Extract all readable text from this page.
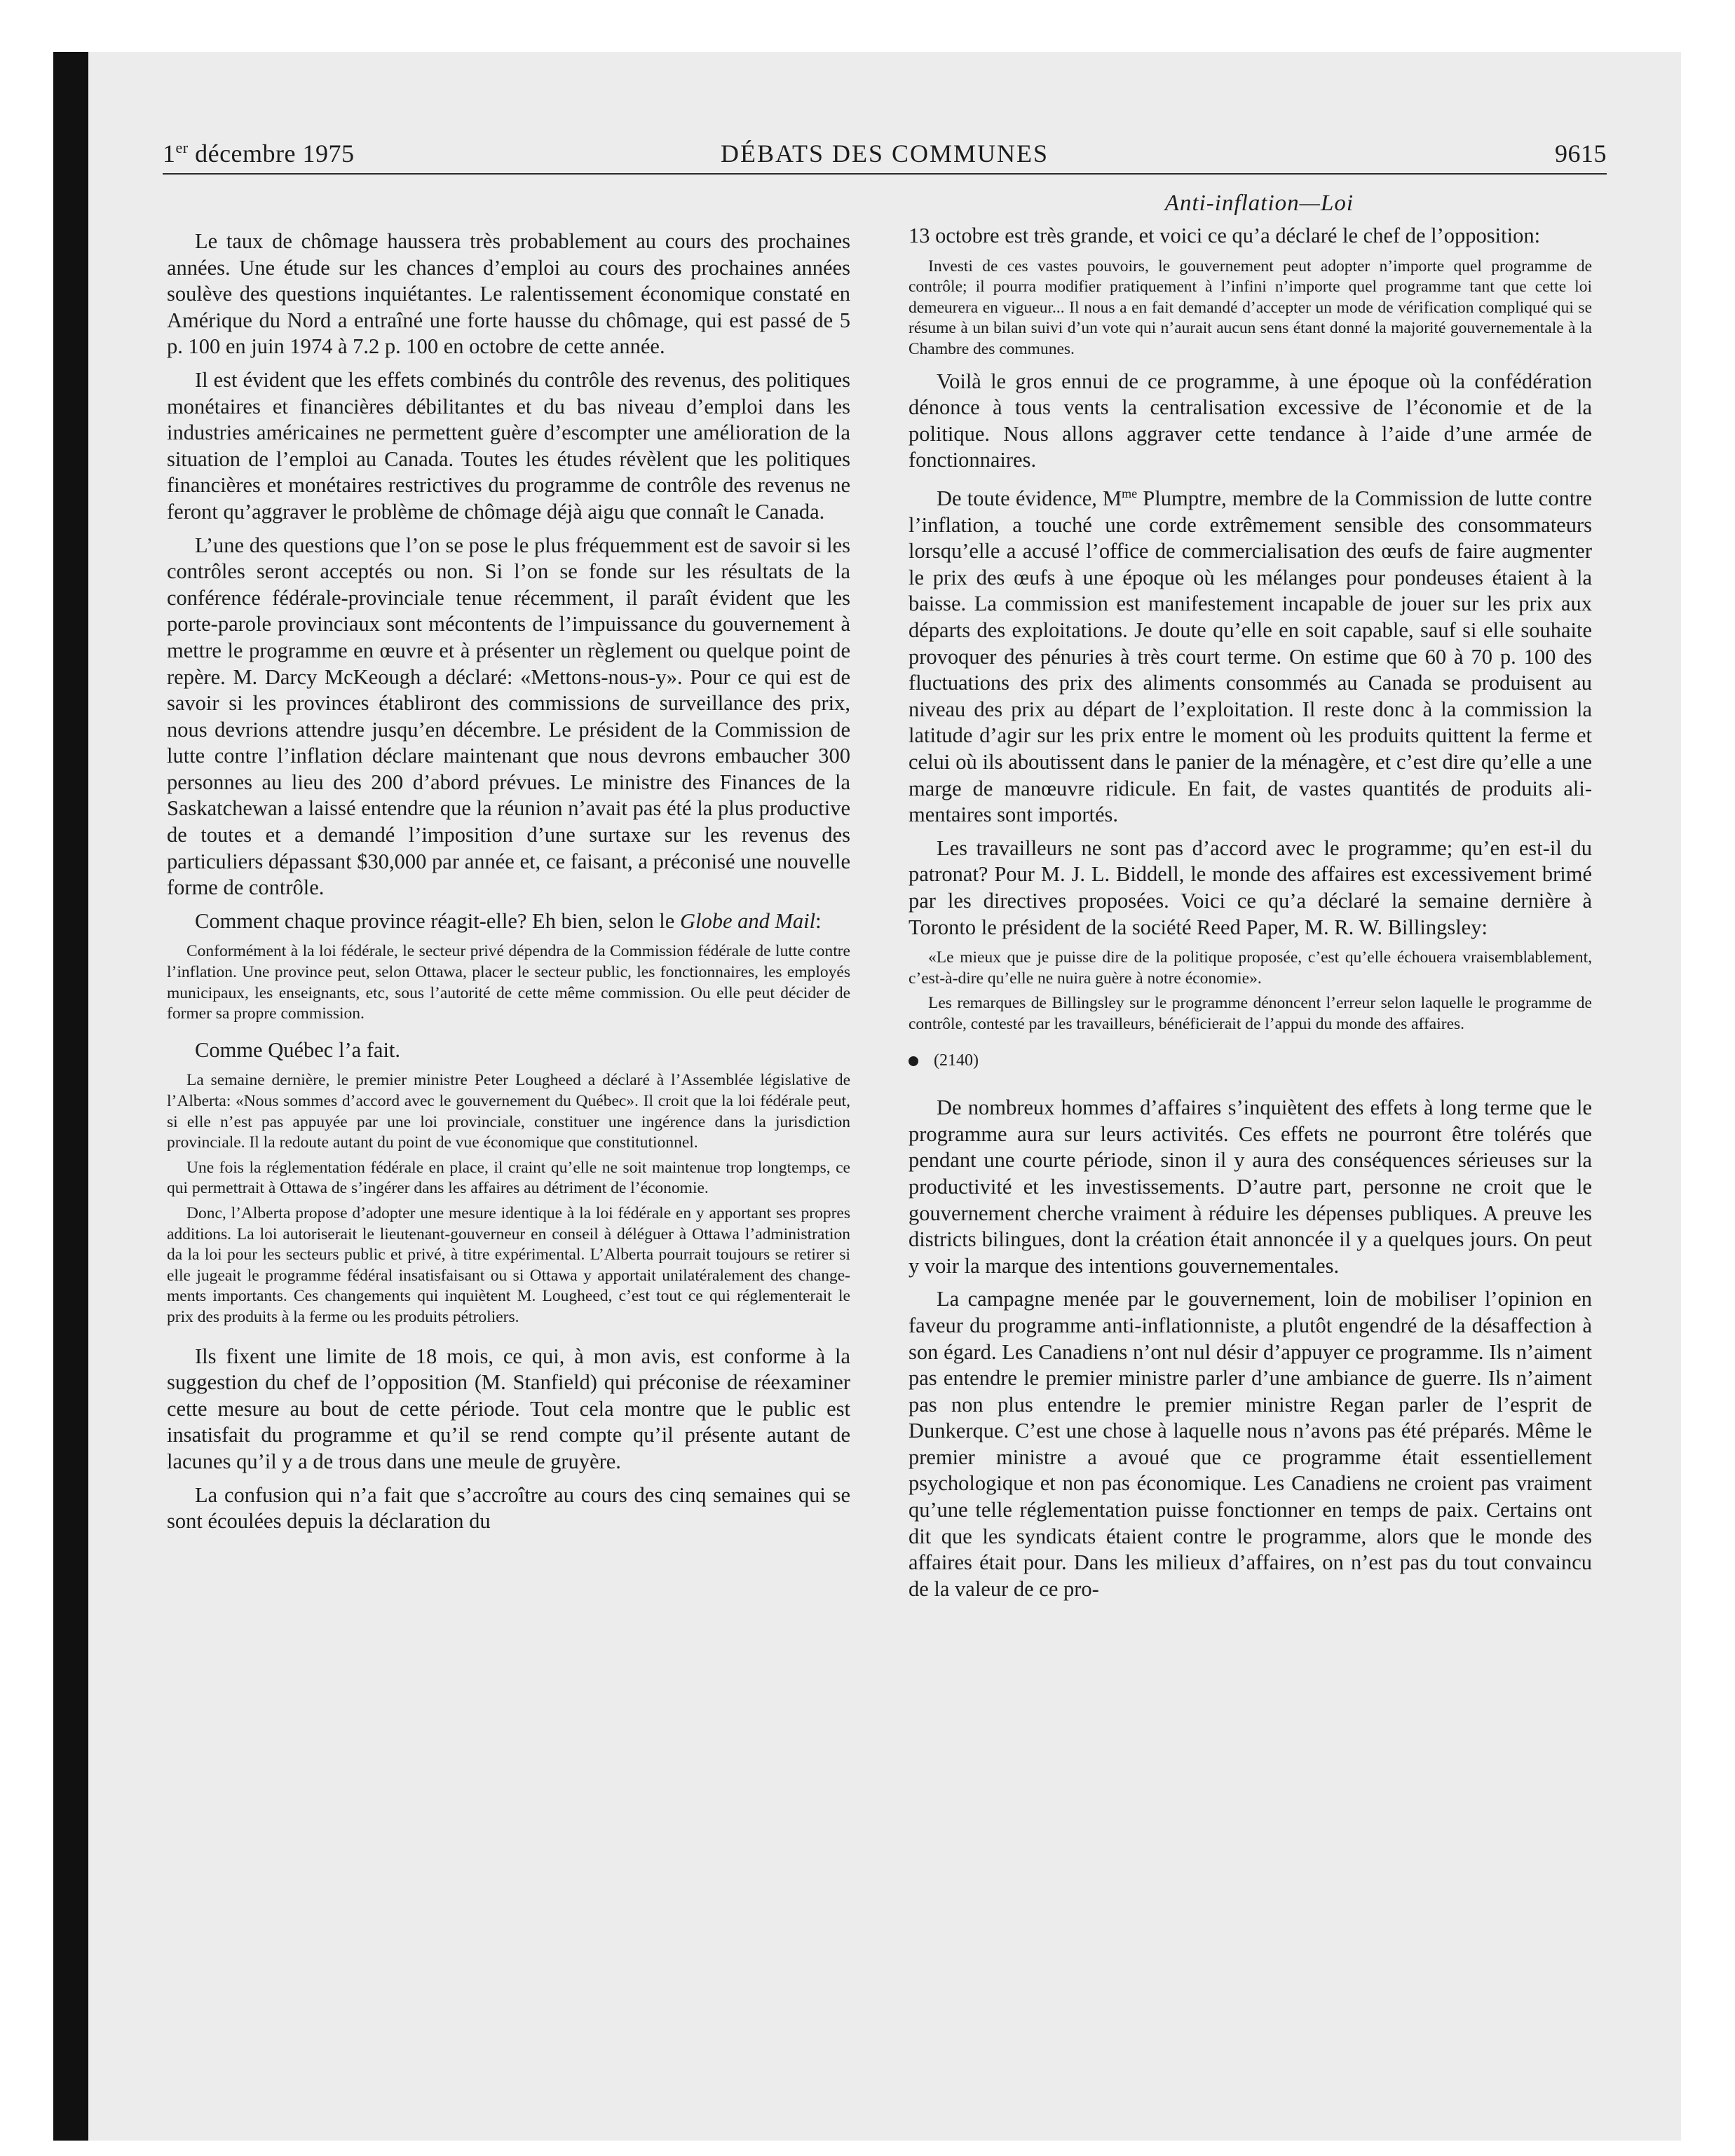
1er décembre 1975	DÉBATS DES COMMUNES	9615

Le taux de chômage haussera très probablement au cours des prochaines années. Une étude sur les chances d’emploi au cours des prochaines années soulève des questions inquiétantes. Le ralentissement économique constaté en Amérique du Nord a entraîné une forte hausse du chômage, qui est passé de 5 p. 100 en juin 1974 à 7.2 p. 100 en octobre de cette année.

Il est évident que les effets combinés du contrôle des revenus, des politiques monétaires et financières débilitantes et du bas niveau d’emploi dans les industries américaines ne permettent guère d’escompter une amélioration de la situation de l’emploi au Canada. Toutes les études révèlent que les politiques financières et monétaires restrictives du programme de contrôle des revenus ne feront qu’aggraver le problème de chômage déjà aigu que connaît le Canada.

L’une des questions que l’on se pose le plus fréquemment est de savoir si les contrôles seront acceptés ou non. Si l’on se fonde sur les résultats de la conférence fédérale-provinciale tenue récemment, il paraît évident que les porte-parole provinciaux sont mécontents de l’impuissance du gouvernement à mettre le programme en œuvre et à présenter un règlement ou quelque point de repère. M. Darcy McKeough a déclaré: «Mettons-nous-y». Pour ce qui est de savoir si les provinces établiront des commissions de surveillance des prix, nous devrions attendre jusqu’en décembre. Le président de la Commission de lutte contre l’inflation déclare maintenant que nous devrons embaucher 300 personnes au lieu des 200 d’abord prévues. Le ministre des Finances de la Saskatchewan a laissé entendre que la réunion n’avait pas été la plus productive de toutes et a demandé l’imposition d’une surtaxe sur les revenus des particuliers dépassant $30,000 par année et, ce faisant, a préconisé une nouvelle forme de contrôle.

Comment chaque province réagit-elle? Eh bien, selon le Globe and Mail:

Conformément à la loi fédérale, le secteur privé dépendra de la Commission fédérale de lutte contre l’inflation. Une province peut, selon Ottawa, placer le secteur public, les fonctionnaires, les employés municipaux, les enseignants, etc, sous l’autorité de cette même commission. Ou elle peut décider de former sa propre commission.

Comme Québec l’a fait.

La semaine dernière, le premier ministre Peter Lougheed a déclaré à l’Assemblée législative de l’Alberta: «Nous sommes d’accord avec le gouvernement du Québec». Il croit que la loi fédérale peut, si elle n’est pas appuyée par une loi provinciale, constituer une ingérence dans la jurisdiction provinciale. Il la redoute autant du point de vue économique que constitutionnel.

Une fois la réglementation fédérale en place, il craint qu’elle ne soit maintenue trop longtemps, ce qui permettrait à Ottawa de s’ingérer dans les affaires au détriment de l’économie.

Donc, l’Alberta propose d’adopter une mesure identique à la loi fédérale en y apportant ses propres additions. La loi autoriserait le lieutenant-gouverneur en conseil à déléguer à Ottawa l’administration da la loi pour les secteurs public et privé, à titre expérimental. L’Alberta pourrait toujours se retirer si elle jugeait le programme fédéral insatisfaisant ou si Ottawa y apportait unilatéralement des changements importants. Ces changements qui inquiètent M. Lougheed, c’est tout ce qui réglementerait le prix des produits à la ferme ou les produits pétroliers.

Ils fixent une limite de 18 mois, ce qui, à mon avis, est conforme à la suggestion du chef de l’opposition (M. Stanfield) qui préconise de réexaminer cette mesure au bout de cette période. Tout cela montre que le public est insatisfait du programme et qu’il se rend compte qu’il présente autant de lacunes qu’il y a de trous dans une meule de gruyère.

La confusion qui n’a fait que s’accroître au cours des cinq semaines qui se sont écoulées depuis la déclaration du

Anti-inflation—Loi

13 octobre est très grande, et voici ce qu’a déclaré le chef de l’opposition:

Investi de ces vastes pouvoirs, le gouvernement peut adopter n’importe quel programme de contrôle; il pourra modifier pratiquement à l’infini n’importe quel programme tant que cette loi demeurera en vigueur... Il nous a en fait demandé d’accepter un mode de vérification compliqué qui se résume à un bilan suivi d’un vote qui n’aurait aucun sens étant donné la majorité gouvernementale à la Chambre des communes.

Voilà le gros ennui de ce programme, à une époque où la confédération dénonce à tous vents la centralisation excessive de l’économie et de la politique. Nous allons aggraver cette tendance à l’aide d’une armée de fonctionnaires.

De toute évidence, $M^{me}$ Plumptre, membre de la Commission de lutte contre l’inflation, a touché une corde extrêmement sensible des consommateurs lorsqu’elle a accusé l’office de commercialisation des œufs de faire augmenter le prix des œufs à une époque où les mélanges pour pondeuses étaient à la baisse. La commission est manifestement incapable de jouer sur les prix aux départs des exploitations. Je doute qu’elle en soit capable, sauf si elle souhaite provoquer des pénuries à très court terme. On estime que 60 à 70 p. 100 des fluctuations des prix des aliments consommés au Canada se produisent au niveau des prix au départ de l’exploitation. Il reste donc à la commission la latitude d’agir sur les prix entre le moment où les produits quittent la ferme et celui où ils aboutissent dans le panier de la ménagère, et c’est dire qu’elle a une marge de manœuvre ridicule. En fait, de vastes quantités de produits alimentaires sont importés.

Les travailleurs ne sont pas d’accord avec le programme; qu’en est-il du patronat? Pour M. J. L. Biddell, le monde des affaires est excessivement brimé par les directives proposées. Voici ce qu’a déclaré la semaine dernière à Toronto le président de la société Reed Paper, M. R. W. Billingsley:

«Le mieux que je puisse dire de la politique proposée, c’est qu’elle échouera vraisemblablement, c’est-à-dire qu’elle ne nuira guère à notre économie».

Les remarques de Billingsley sur le programme dénoncent l’erreur selon laquelle le programme de contrôle, contesté par les travailleurs, bénéficierait de l’appui du monde des affaires.

(2140)

De nombreux hommes d’affaires s’inquiètent des effets à long terme que le programme aura sur leurs activités. Ces effets ne pourront être tolérés que pendant une courte période, sinon il y aura des conséquences sérieuses sur la productivité et les investissements. D’autre part, personne ne croit que le gouvernement cherche vraiment à réduire les dépenses publiques. A preuve les districts bilingues, dont la création était annoncée il y a quelques jours. On peut y voir la marque des intentions gouvernementales.

La campagne menée par le gouvernement, loin de mobiliser l’opinion en faveur du programme anti-inflationniste, a plutôt engendré de la désaffection à son égard. Les Canadiens n’ont nul désir d’appuyer ce programme. Ils n’aiment pas entendre le premier ministre parler d’une ambiance de guerre. Ils n’aiment pas non plus entendre le premier ministre Regan parler de l’esprit de Dunkerque. C’est une chose à laquelle nous n’avons pas été préparés. Même le premier ministre a avoué que ce programme était essentiellement psychologique et non pas économique. Les Canadiens ne croient pas vraiment qu’une telle réglementation puisse fonctionner en temps de paix. Certains ont dit que les syndicats étaient contre le programme, alors que le monde des affaires était pour. Dans les milieux d’affaires, on n’est pas du tout convaincu de la valeur de ce pro-
